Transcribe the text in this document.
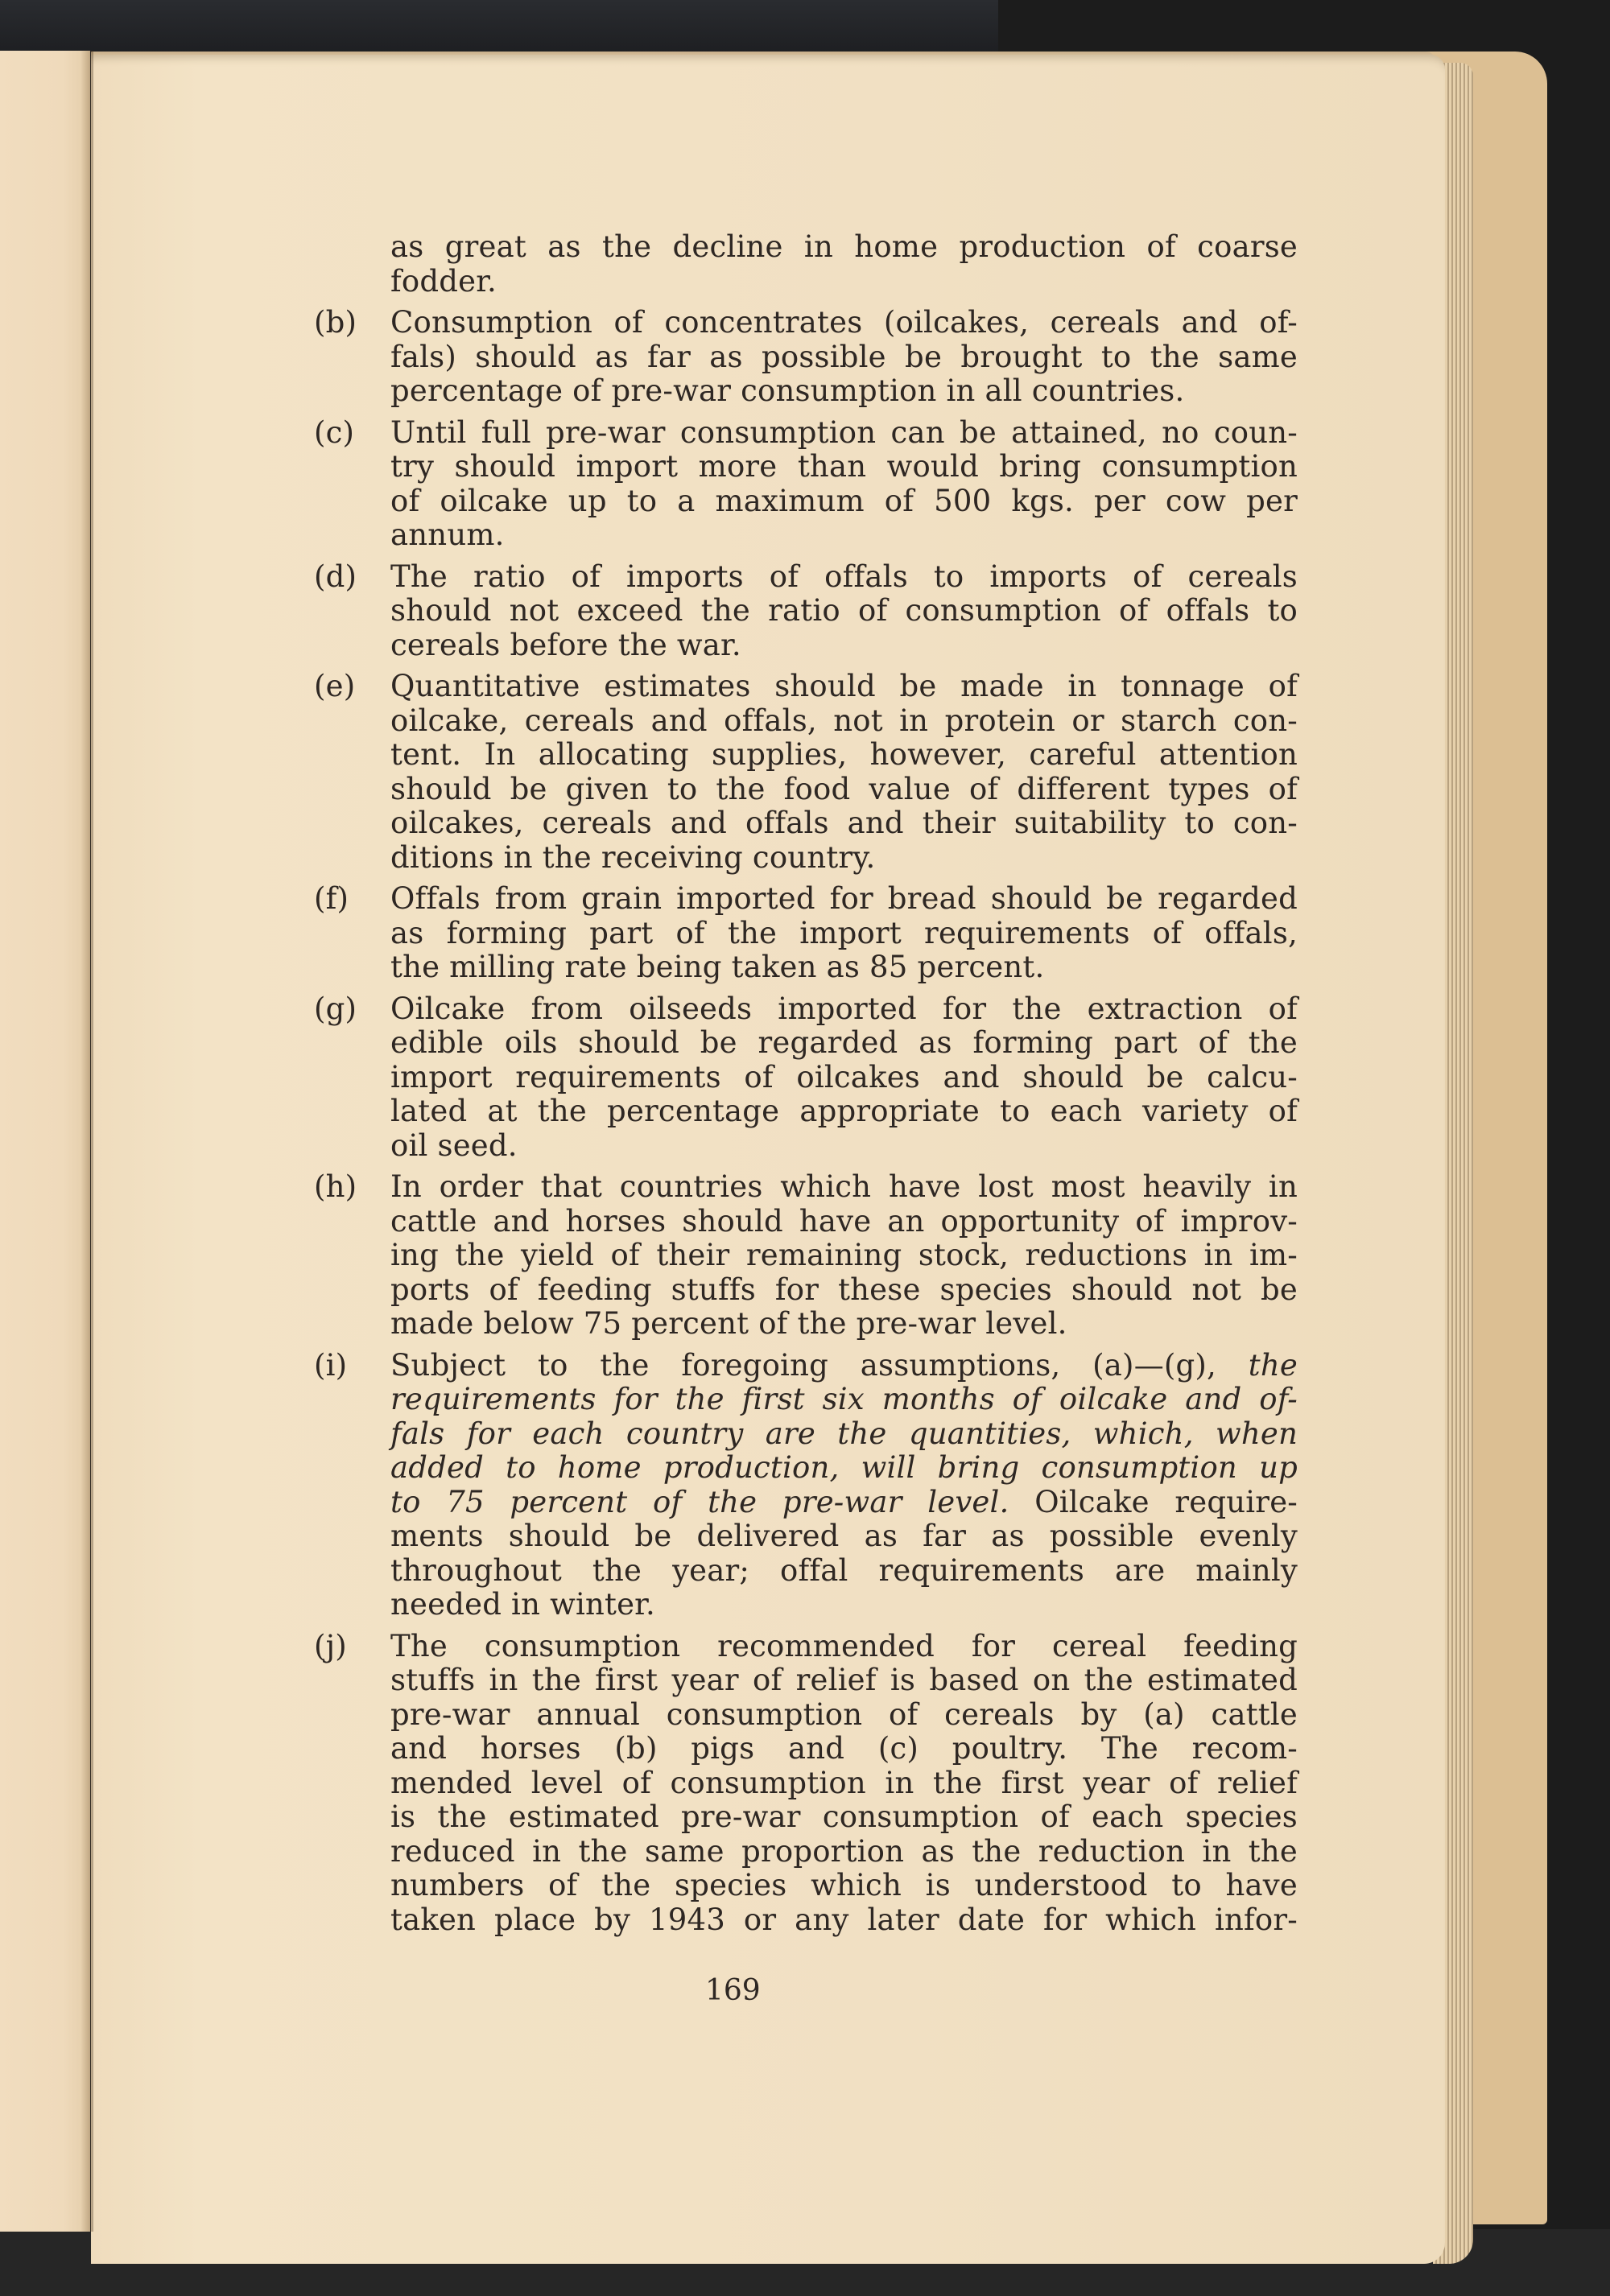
as great as the decline in home production of coarse
fodder.
(b) Consumption of concentrates (oilcakes, cereals and of-
fals) should as far as possible be brought to the same
percentage of pre-war consumption in all countries.
(c) Until full pre-war consumption can be attained, no coun-
try should import more than would bring consumption
of oilcake up to a maximum of 500 kgs. per cow per
annum.
(d) The ratio of imports of offals to imports of cereals
should not exceed the ratio of consumption of offals to
cereals before the war.
(e) Quantitative estimates should be made in tonnage of
oilcake, cereals and offals, not in protein or starch con-
tent. In allocating supplies, however, careful attention
should be given to the food value of different types of
oilcakes, cereals and offals and their suitability to con-
ditions in the receiving country.
(f) Offals from grain imported for bread should be regarded
as forming part of the import requirements of offals,
the milling rate being taken as 85 percent.
(g) Oilcake from oilseeds imported for the extraction of
edible oils should be regarded as forming part of the
import requirements of oilcakes and should be calcu-
lated at the percentage appropriate to each variety of
oil seed.
(h) In order that countries which have lost most heavily in
cattle and horses should have an opportunity of improv-
ing the yield of their remaining stock, reductions in im-
ports of feeding stuffs for these species should not be
made below 75 percent of the pre-war level.
(i) Subject to the foregoing assumptions, (a)—(g), the
requirements for the first six months of oilcake and of-
fals for each country are the quantities, which, when
added to home production, will bring consumption up
to 75 percent of the pre-war level. Oilcake require-
ments should be delivered as far as possible evenly
throughout the year; offal requirements are mainly
needed in winter.
(j) The consumption recommended for cereal feeding
stuffs in the first year of relief is based on the estimated
pre-war annual consumption of cereals by (a) cattle
and horses (b) pigs and (c) poultry. The recom-
mended level of consumption in the first year of relief
is the estimated pre-war consumption of each species
reduced in the same proportion as the reduction in the
numbers of the species which is understood to have
taken place by 1943 or any later date for which infor-
169
